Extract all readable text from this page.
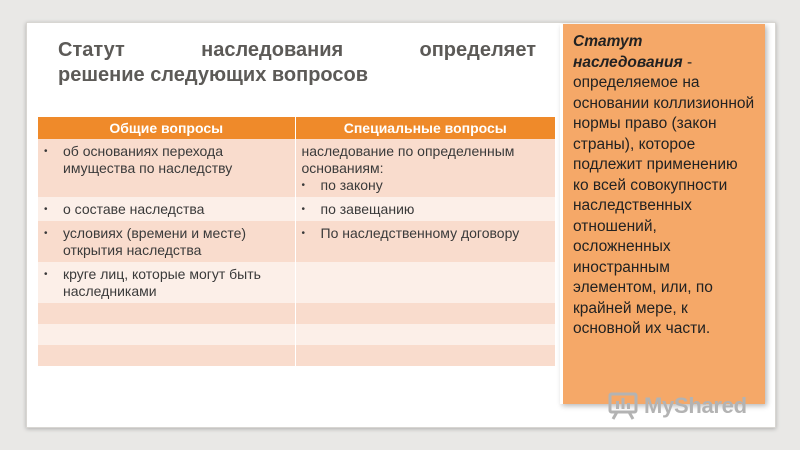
Статут	наследования	определяет
решение следующих вопросов
Общие вопросы	Специальные вопросы

• об основаниях перехода имущества по наследству	наследование по определенным основаниям:
• по закону

• о составе наследства	• по завещанию

• условиях (времени и месте) открытия наследства	• По наследственному договору

• круге лиц, которые могут быть наследниками	

Статут наследования - определяемое на основании коллизионной нормы право (закон страны), которое подлежит применению ко всей совокупности наследственных отношений, осложненных иностранным элементом, или, по крайней мере, к основной их части.
MyShared
